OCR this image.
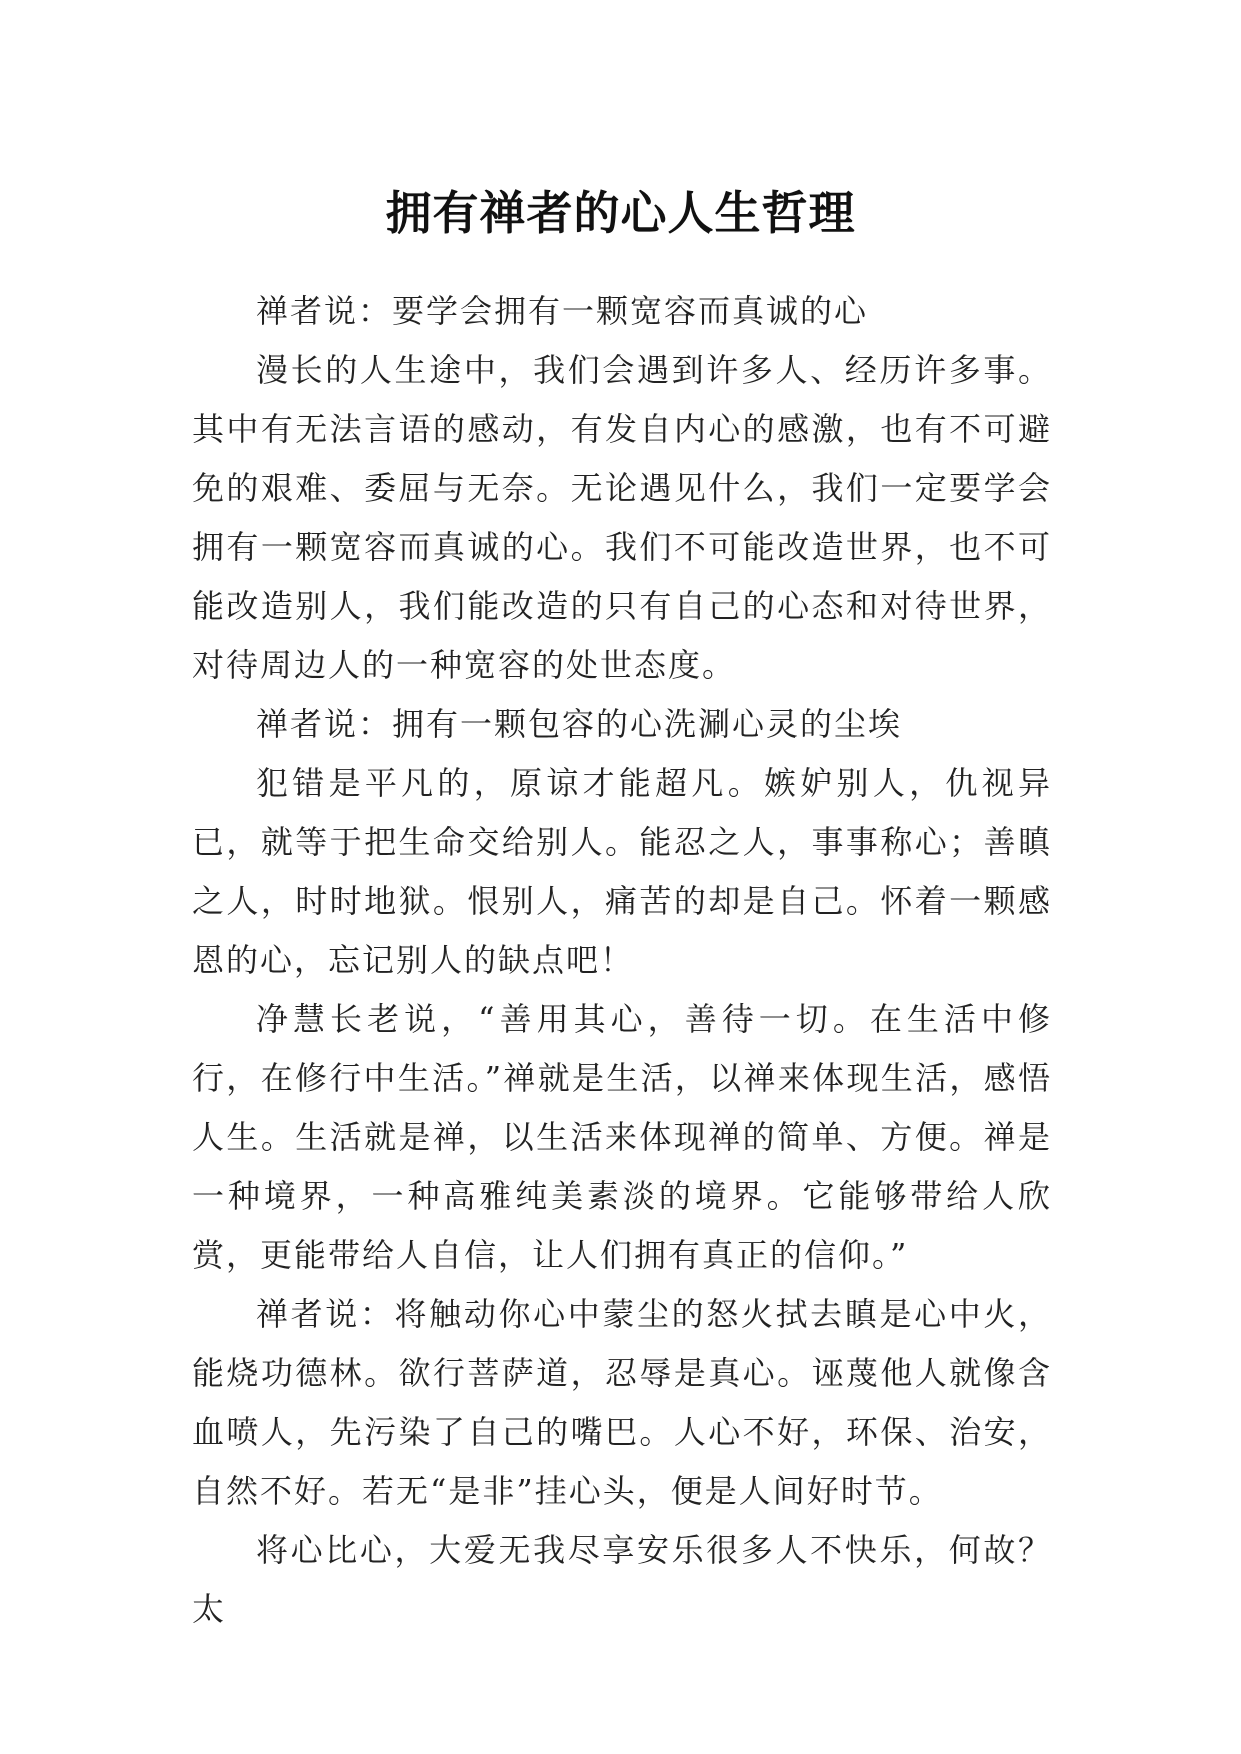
拥有禅者的心人生哲理

禅者说：要学会拥有一颗宽容而真诚的心

漫长的人生途中，我们会遇到许多人、经历许多事。其中有无法言语的感动，有发自内心的感激，也有不可避免的艰难、委屈与无奈。无论遇见什么，我们一定要学会拥有一颗宽容而真诚的心。我们不可能改造世界，也不可能改造别人，我们能改造的只有自己的心态和对待世界，对待周边人的一种宽容的处世态度。

禅者说：拥有一颗包容的心洗涮心灵的尘埃

犯错是平凡的，原谅才能超凡。嫉妒别人，仇视异已，就等于把生命交给别人。能忍之人，事事称心；善瞋之人，时时地狱。恨别人，痛苦的却是自己。怀着一颗感恩的心，忘记别人的缺点吧！

净慧长老说，“善用其心，善待一切。在生活中修行，在修行中生活。”禅就是生活，以禅来体现生活，感悟人生。生活就是禅，以生活来体现禅的简单、方便。禅是一种境界，一种高雅纯美素淡的境界。它能够带给人欣赏，更能带给人自信，让人们拥有真正的信仰。”

禅者说：将触动你心中蒙尘的怒火拭去瞋是心中火，能烧功德林。欲行菩萨道，忍辱是真心。诬蔑他人就像含血喷人，先污染了自己的嘴巴。人心不好，环保、治安，自然不好。若无“是非”挂心头，便是人间好时节。

将心比心，大爱无我尽享安乐很多人不快乐，何故？太
